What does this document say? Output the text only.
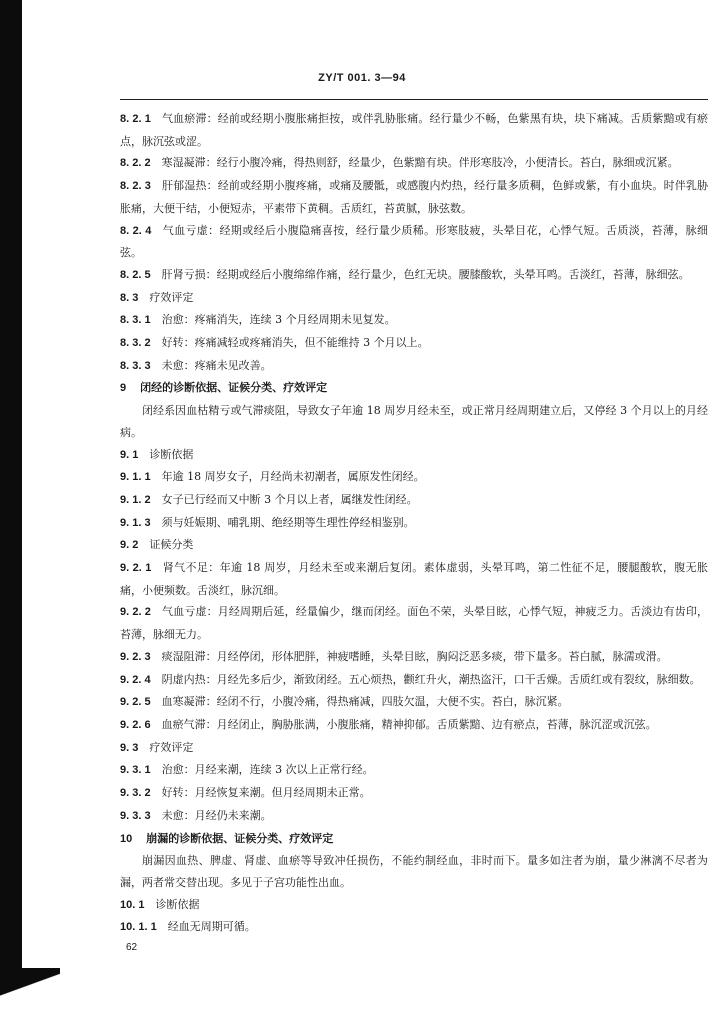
ZY/T 001. 3—94

8. 2. 1 气血瘀滞：经前或经期小腹胀痛拒按，或伴乳胁胀痛。经行量少不畅，色紫黑有块，块下痛减。舌质紫黯或有瘀点，脉沉弦或涩。

8. 2. 2 寒湿凝滞：经行小腹冷痛，得热则舒，经量少，色紫黯有块。伴形寒肢冷，小便清长。苔白，脉细或沉紧。

8. 2. 3 肝郁湿热：经前或经期小腹疼痛，或痛及腰骶，或感腹内灼热，经行量多质稠，色鲜或紫，有小血块。时伴乳胁胀痛，大便干结，小便短赤，平素带下黄稠。舌质红，苔黄腻，脉弦数。

8. 2. 4 气血亏虚：经期或经后小腹隐痛喜按，经行量少质稀。形寒肢疲，头晕目花，心悸气短。舌质淡，苔薄，脉细弦。

8. 2. 5 肝肾亏损：经期或经后小腹绵绵作痛，经行量少，色红无块。腰膝酸软，头晕耳鸣。舌淡红，苔薄，脉细弦。

8. 3 疗效评定

8. 3. 1 治愈：疼痛消失，连续 3 个月经周期未见复发。

8. 3. 2 好转：疼痛减轻或疼痛消失，但不能维持 3 个月以上。

8. 3. 3 未愈：疼痛未见改善。

9 闭经的诊断依据、证候分类、疗效评定

闭经系因血枯精亏或气滞痰阻，导致女子年逾 18 周岁月经未至，或正常月经周期建立后，又停经 3 个月以上的月经病。

9. 1 诊断依据

9. 1. 1 年逾 18 周岁女子，月经尚未初潮者，属原发性闭经。

9. 1. 2 女子已行经而又中断 3 个月以上者，属继发性闭经。

9. 1. 3 须与妊娠期、哺乳期、绝经期等生理性停经相鉴别。

9. 2 证候分类

9. 2. 1 肾气不足：年逾 18 周岁，月经未至或来潮后复闭。素体虚弱，头晕耳鸣，第二性征不足，腰腿酸软，腹无胀痛，小便频数。舌淡红，脉沉细。

9. 2. 2 气血亏虚：月经周期后延，经量偏少，继而闭经。面色不荣，头晕目眩，心悸气短，神疲乏力。舌淡边有齿印，苔薄，脉细无力。

9. 2. 3 痰湿阻滞：月经停闭，形体肥胖，神疲嗜睡，头晕目眩，胸闷泛恶多痰，带下量多。苔白腻，脉濡或滑。

9. 2. 4 阴虚内热：月经先多后少，渐致闭经。五心烦热，颧红升火，潮热盗汗，口干舌燥。舌质红或有裂纹，脉细数。

9. 2. 5 血寒凝滞：经闭不行，小腹冷痛，得热痛减，四肢欠温，大便不实。苔白，脉沉紧。

9. 2. 6 血瘀气滞：月经闭止，胸胁胀满，小腹胀痛，精神抑郁。舌质紫黯、边有瘀点，苔薄，脉沉涩或沉弦。

9. 3 疗效评定

9. 3. 1 治愈：月经来潮，连续 3 次以上正常行经。

9. 3. 2 好转：月经恢复来潮。但月经周期未正常。

9. 3. 3 未愈：月经仍未来潮。

10 崩漏的诊断依据、证候分类、疗效评定

崩漏因血热、脾虚、肾虚、血瘀等导致冲任损伤，不能约制经血，非时而下。量多如注者为崩，量少淋漓不尽者为漏，两者常交替出现。多见于子宫功能性出血。

10. 1 诊断依据

10. 1. 1 经血无周期可循。

62
